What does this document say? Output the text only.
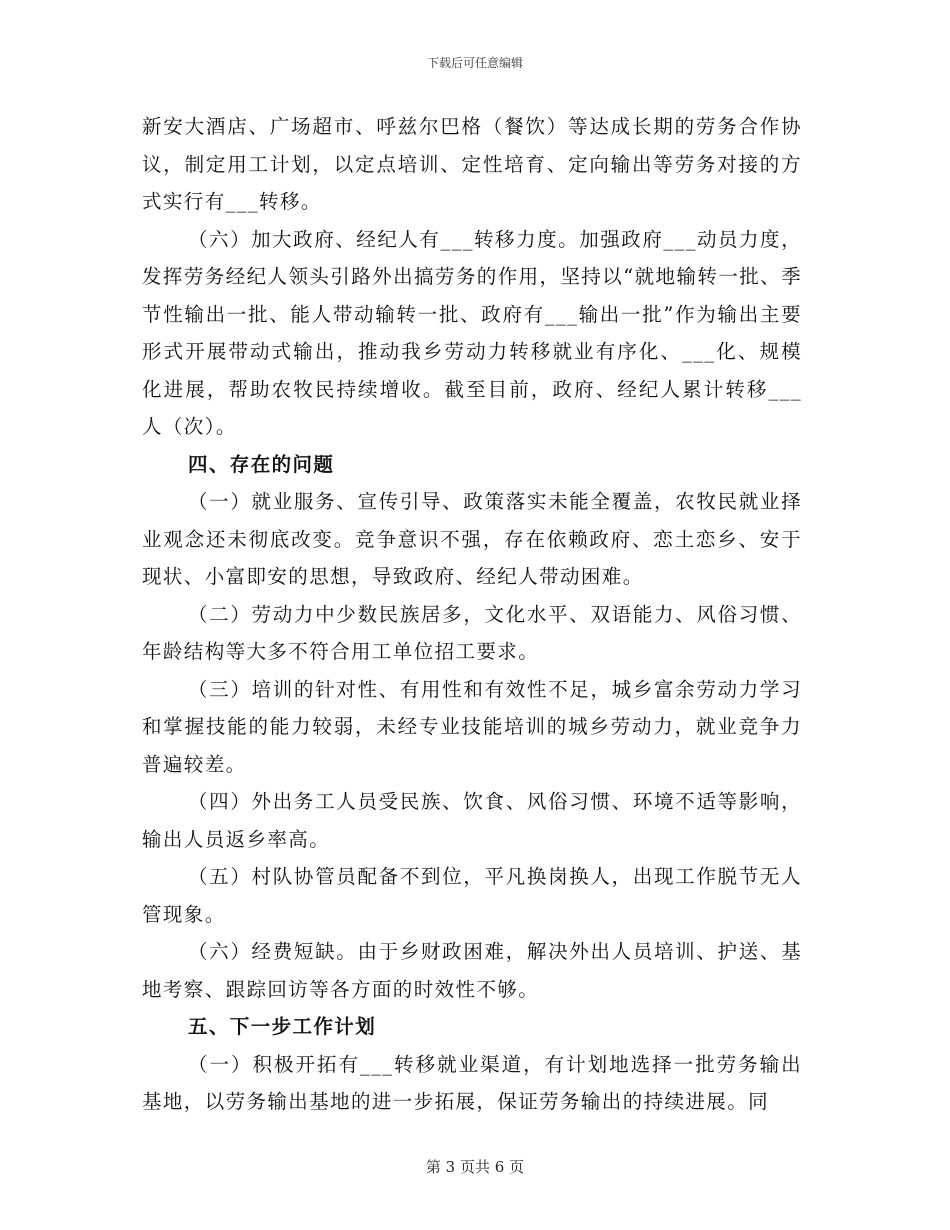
下载后可任意编辑

新安大酒店、广场超市、呼兹尔巴格（餐饮）等达成长期的劳务合作协议，制定用工计划，以定点培训、定性培育、定向输出等劳务对接的方式实行有___转移。

（六）加大政府、经纪人有___转移力度。加强政府___动员力度，发挥劳务经纪人领头引路外出搞劳务的作用，坚持以“就地输转一批、季节性输出一批、能人带动输转一批、政府有___输出一批”作为输出主要形式开展带动式输出，推动我乡劳动力转移就业有序化、___化、规模化进展，帮助农牧民持续增收。截至目前，政府、经纪人累计转移___人（次）。

四、存在的问题

（一）就业服务、宣传引导、政策落实未能全覆盖，农牧民就业择业观念还未彻底改变。竞争意识不强，存在依赖政府、恋土恋乡、安于现状、小富即安的思想，导致政府、经纪人带动困难。

（二）劳动力中少数民族居多，文化水平、双语能力、风俗习惯、年龄结构等大多不符合用工单位招工要求。

（三）培训的针对性、有用性和有效性不足，城乡富余劳动力学习和掌握技能的能力较弱，未经专业技能培训的城乡劳动力，就业竞争力普遍较差。

（四）外出务工人员受民族、饮食、风俗习惯、环境不适等影响，输出人员返乡率高。

（五）村队协管员配备不到位，平凡换岗换人，出现工作脱节无人管现象。

（六）经费短缺。由于乡财政困难，解决外出人员培训、护送、基地考察、跟踪回访等各方面的时效性不够。

五、下一步工作计划

（一）积极开拓有___转移就业渠道，有计划地选择一批劳务输出基地，以劳务输出基地的进一步拓展，保证劳务输出的持续进展。同

第 3 页共 6 页
